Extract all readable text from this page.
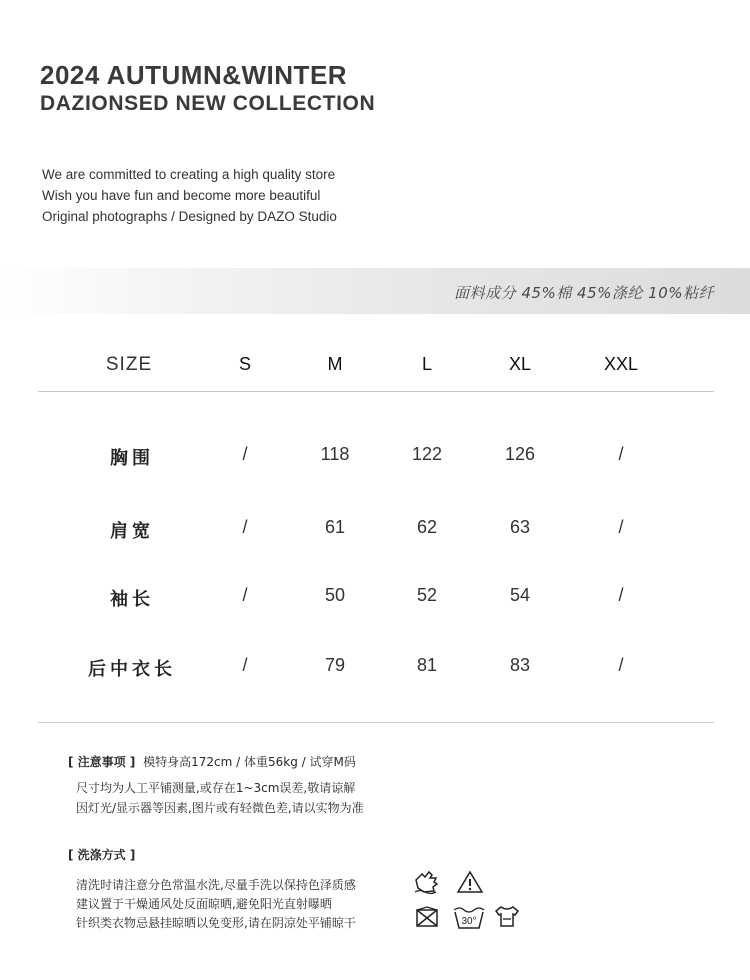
2024 AUTUMN&WINTER
DAZIONSED NEW COLLECTION
We are committed to creating a high quality store
Wish you have fun and become more beautiful
Original photographs / Designed by DAZO Studio
面料成分 45%棉 45%涤纶 10%粘纤
SIZE	S	M	L	XL	XXL
胸围	/	118	122	126	/
肩宽	/	61	62	63	/
袖长	/	50	52	54	/
后中衣长	/	79	81	83	/

[ 注意事项 ] 模特身高172cm / 体重56kg / 试穿M码

尺寸均为人工平铺测量,或存在1~3cm误差,敬请谅解

因灯光/显示器等因素,图片或有轻微色差,请以实物为准

[ 洗涤方式 ]

清洗时请注意分色常温水洗,尽量手洗以保持色泽质感

建议置于干燥通风处反面晾晒,避免阳光直射曝晒

针织类衣物忌悬挂晾晒以免变形,请在阴凉处平铺晾干	30°
